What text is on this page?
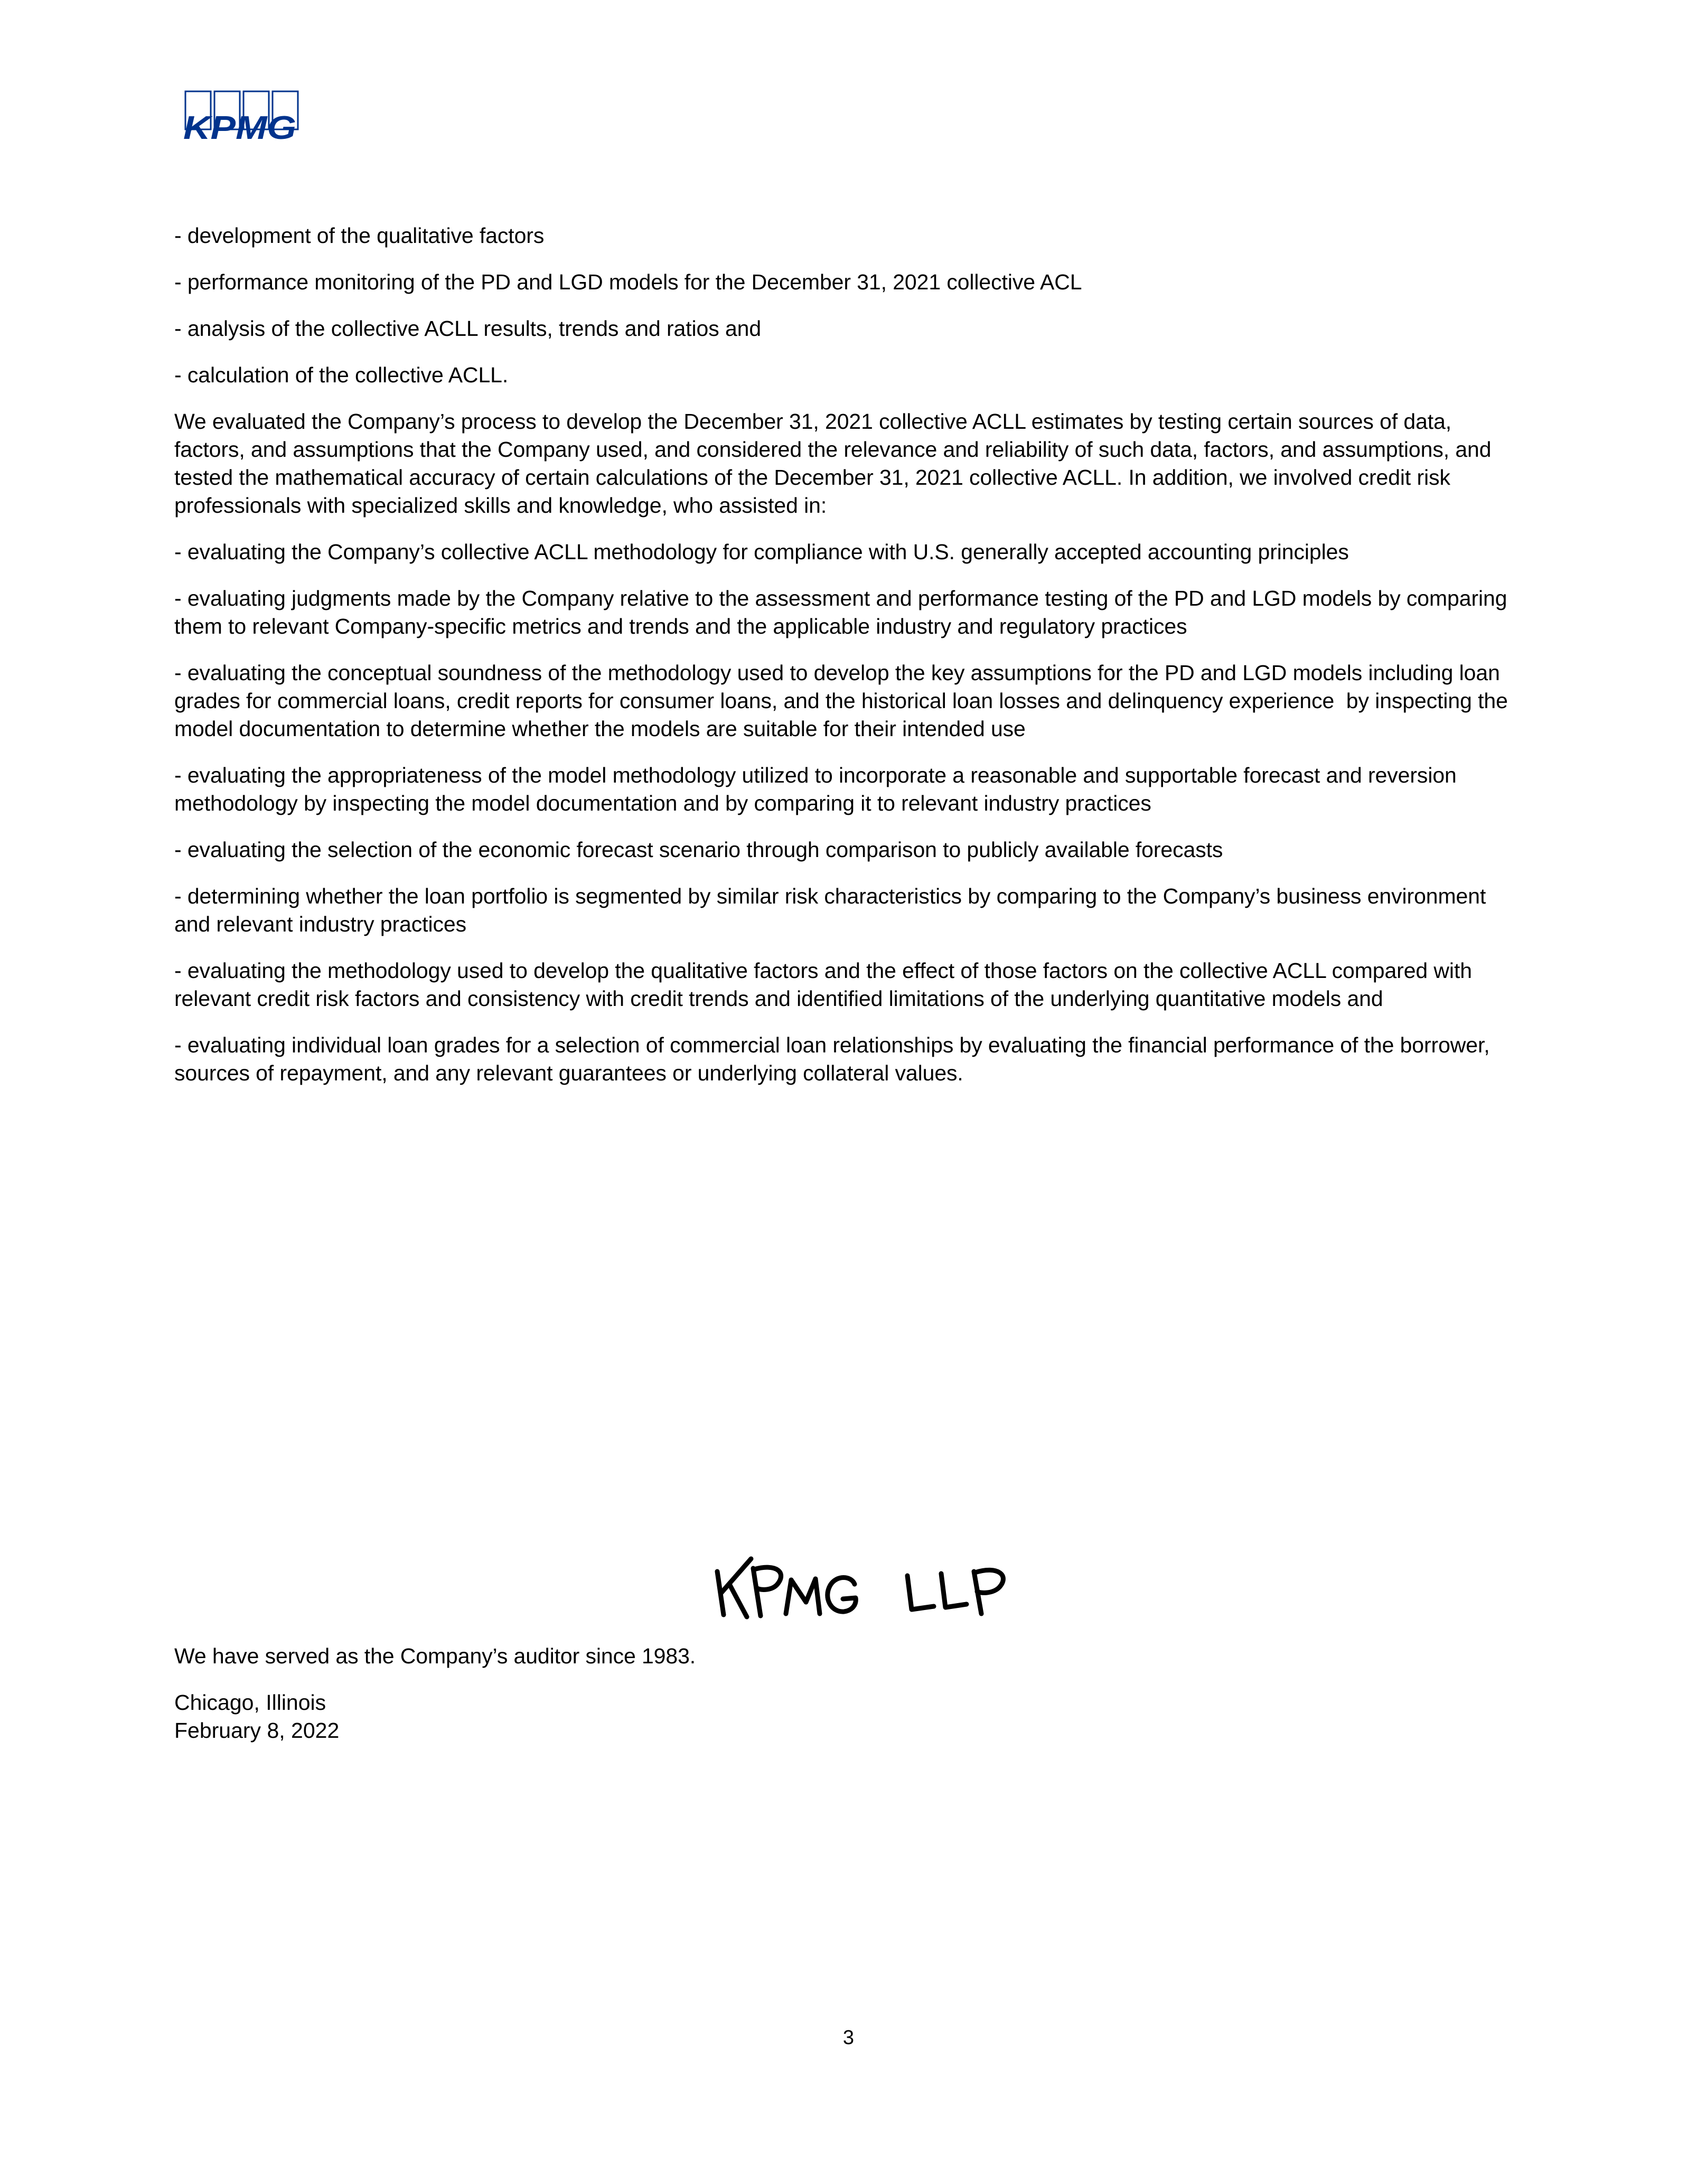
KPMG

- development of the qualitative factors

- performance monitoring of the PD and LGD models for the December 31, 2021 collective ACL

- analysis of the collective ACLL results, trends and ratios and

- calculation of the collective ACLL.

We evaluated the Company’s process to develop the December 31, 2021 collective ACLL estimates by testing certain sources of data, factors, and assumptions that the Company used, and considered the relevance and reliability of such data, factors, and assumptions, and tested the mathematical accuracy of certain calculations of the December 31, 2021 collective ACLL. In addition, we involved credit risk professionals with specialized skills and knowledge, who assisted in:

- evaluating the Company’s collective ACLL methodology for compliance with U.S. generally accepted accounting principles

- evaluating judgments made by the Company relative to the assessment and performance testing of the PD and LGD models by comparing them to relevant Company-specific metrics and trends and the applicable industry and regulatory practices

- evaluating the conceptual soundness of the methodology used to develop the key assumptions for the PD and LGD models including loan grades for commercial loans, credit reports for consumer loans, and the historical loan losses and delinquency experience  by inspecting the model documentation to determine whether the models are suitable for their intended use

- evaluating the appropriateness of the model methodology utilized to incorporate a reasonable and supportable forecast and reversion methodology by inspecting the model documentation and by comparing it to relevant industry practices

- evaluating the selection of the economic forecast scenario through comparison to publicly available forecasts

- determining whether the loan portfolio is segmented by similar risk characteristics by comparing to the Company’s business environment and relevant industry practices

- evaluating the methodology used to develop the qualitative factors and the effect of those factors on the collective ACLL compared with relevant credit risk factors and consistency with credit trends and identified limitations of the underlying quantitative models and

- evaluating individual loan grades for a selection of commercial loan relationships by evaluating the financial performance of the borrower, sources of repayment, and any relevant guarantees or underlying collateral values.

We have served as the Company’s auditor since 1983.

Chicago, Illinois

February 8, 2022

3
